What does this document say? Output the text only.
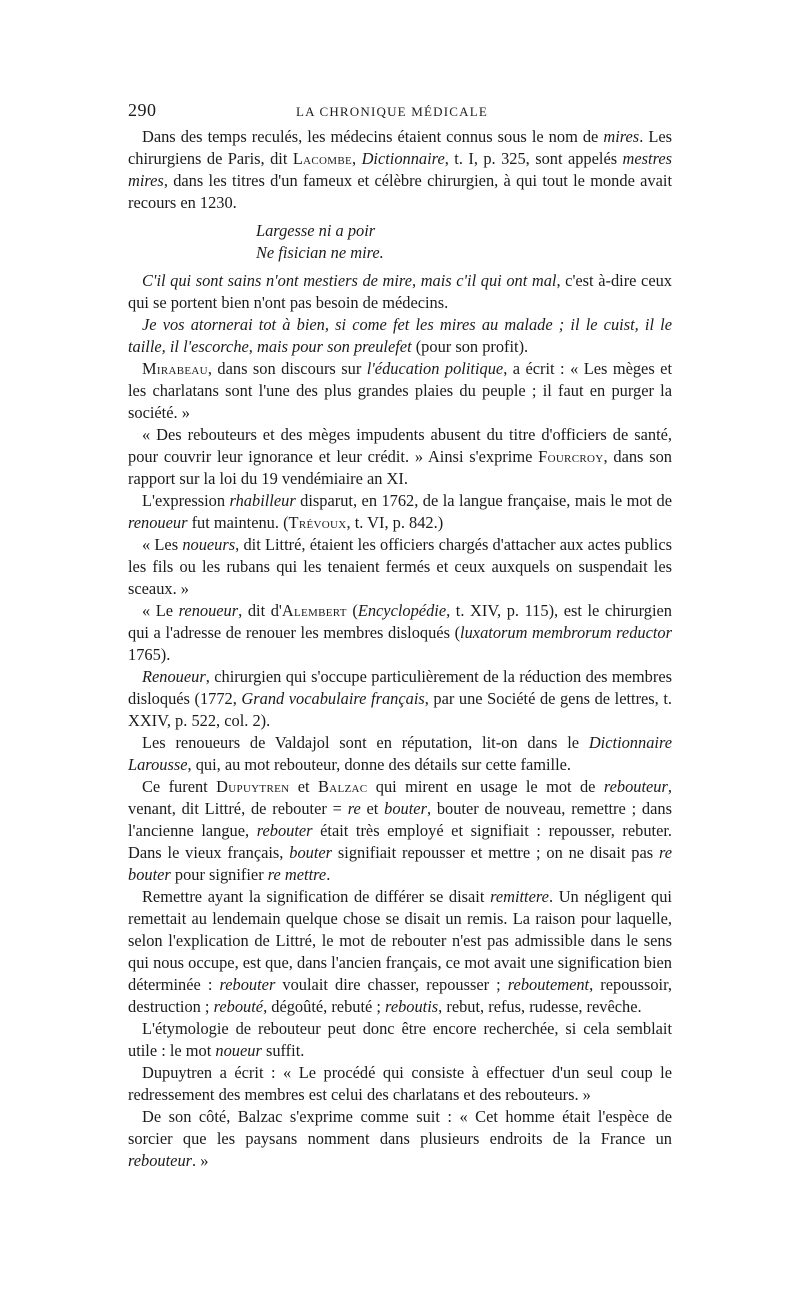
290	LA CHRONIQUE MÉDICALE

Dans des temps reculés, les médecins étaient connus sous le nom de mires. Les chirurgiens de Paris, dit Lacombe, Dictionnaire, t. I, p. 325, sont appelés mestres mires, dans les titres d'un fameux et célèbre chirurgien, à qui tout le monde avait recours en 1230.

Largesse ni a poir
Ne fisician ne mire.

C'il qui sont sains n'ont mestiers de mire, mais c'il qui ont mal, c'est à-dire ceux qui se portent bien n'ont pas besoin de médecins.

Je vos atornerai tot à bien, si come fet les mires au malade ; il le cuist, il le taille, il l'escorche, mais pour son preulefet (pour son profit).

Mirabeau, dans son discours sur l'éducation politique, a écrit : « Les mèges et les charlatans sont l'une des plus grandes plaies du peuple ; il faut en purger la société. »

« Des rebouteurs et des mèges impudents abusent du titre d'officiers de santé, pour couvrir leur ignorance et leur crédit. » Ainsi s'exprime Fourcroy, dans son rapport sur la loi du 19 vendémiaire an XI.

L'expression rhabilleur disparut, en 1762, de la langue française, mais le mot de renoueur fut maintenu. (Trévoux, t. VI, p. 842.)

« Les noueurs, dit Littré, étaient les officiers chargés d'attacher aux actes publics les fils ou les rubans qui les tenaient fermés et ceux auxquels on suspendait les sceaux. »

« Le renoueur, dit d'Alembert (Encyclopédie, t. XIV, p. 115), est le chirurgien qui a l'adresse de renouer les membres disloqués (luxatorum membrorum reductor 1765).

Renoueur, chirurgien qui s'occupe particulièrement de la réduction des membres disloqués (1772, Grand vocabulaire français, par une Société de gens de lettres, t. XXIV, p. 522, col. 2).

Les renoueurs de Valdajol sont en réputation, lit-on dans le Dictionnaire Larousse, qui, au mot rebouteur, donne des détails sur cette famille.

Ce furent Dupuytren et Balzac qui mirent en usage le mot de rebouteur, venant, dit Littré, de rebouter = re et bouter, bouter de nouveau, remettre ; dans l'ancienne langue, rebouter était très employé et signifiait : repousser, rebuter. Dans le vieux français, bouter signifiait repousser et mettre ; on ne disait pas re bouter pour signifier re mettre.

Remettre ayant la signification de différer se disait remittere. Un négligent qui remettait au lendemain quelque chose se disait un remis. La raison pour laquelle, selon l'explication de Littré, le mot de rebouter n'est pas admissible dans le sens qui nous occupe, est que, dans l'ancien français, ce mot avait une signification bien déterminée : rebouter voulait dire chasser, repousser ; reboutement, repoussoir, destruction ; rebouté, dégoûté, rebuté ; reboutis, rebut, refus, rudesse, revêche.

L'étymologie de rebouteur peut donc être encore recherchée, si cela semblait utile : le mot noueur suffit.

Dupuytren a écrit : « Le procédé qui consiste à effectuer d'un seul coup le redressement des membres est celui des charlatans et des rebouteurs. »

De son côté, Balzac s'exprime comme suit : « Cet homme était l'espèce de sorcier que les paysans nomment dans plusieurs endroits de la France un rebouteur. »
